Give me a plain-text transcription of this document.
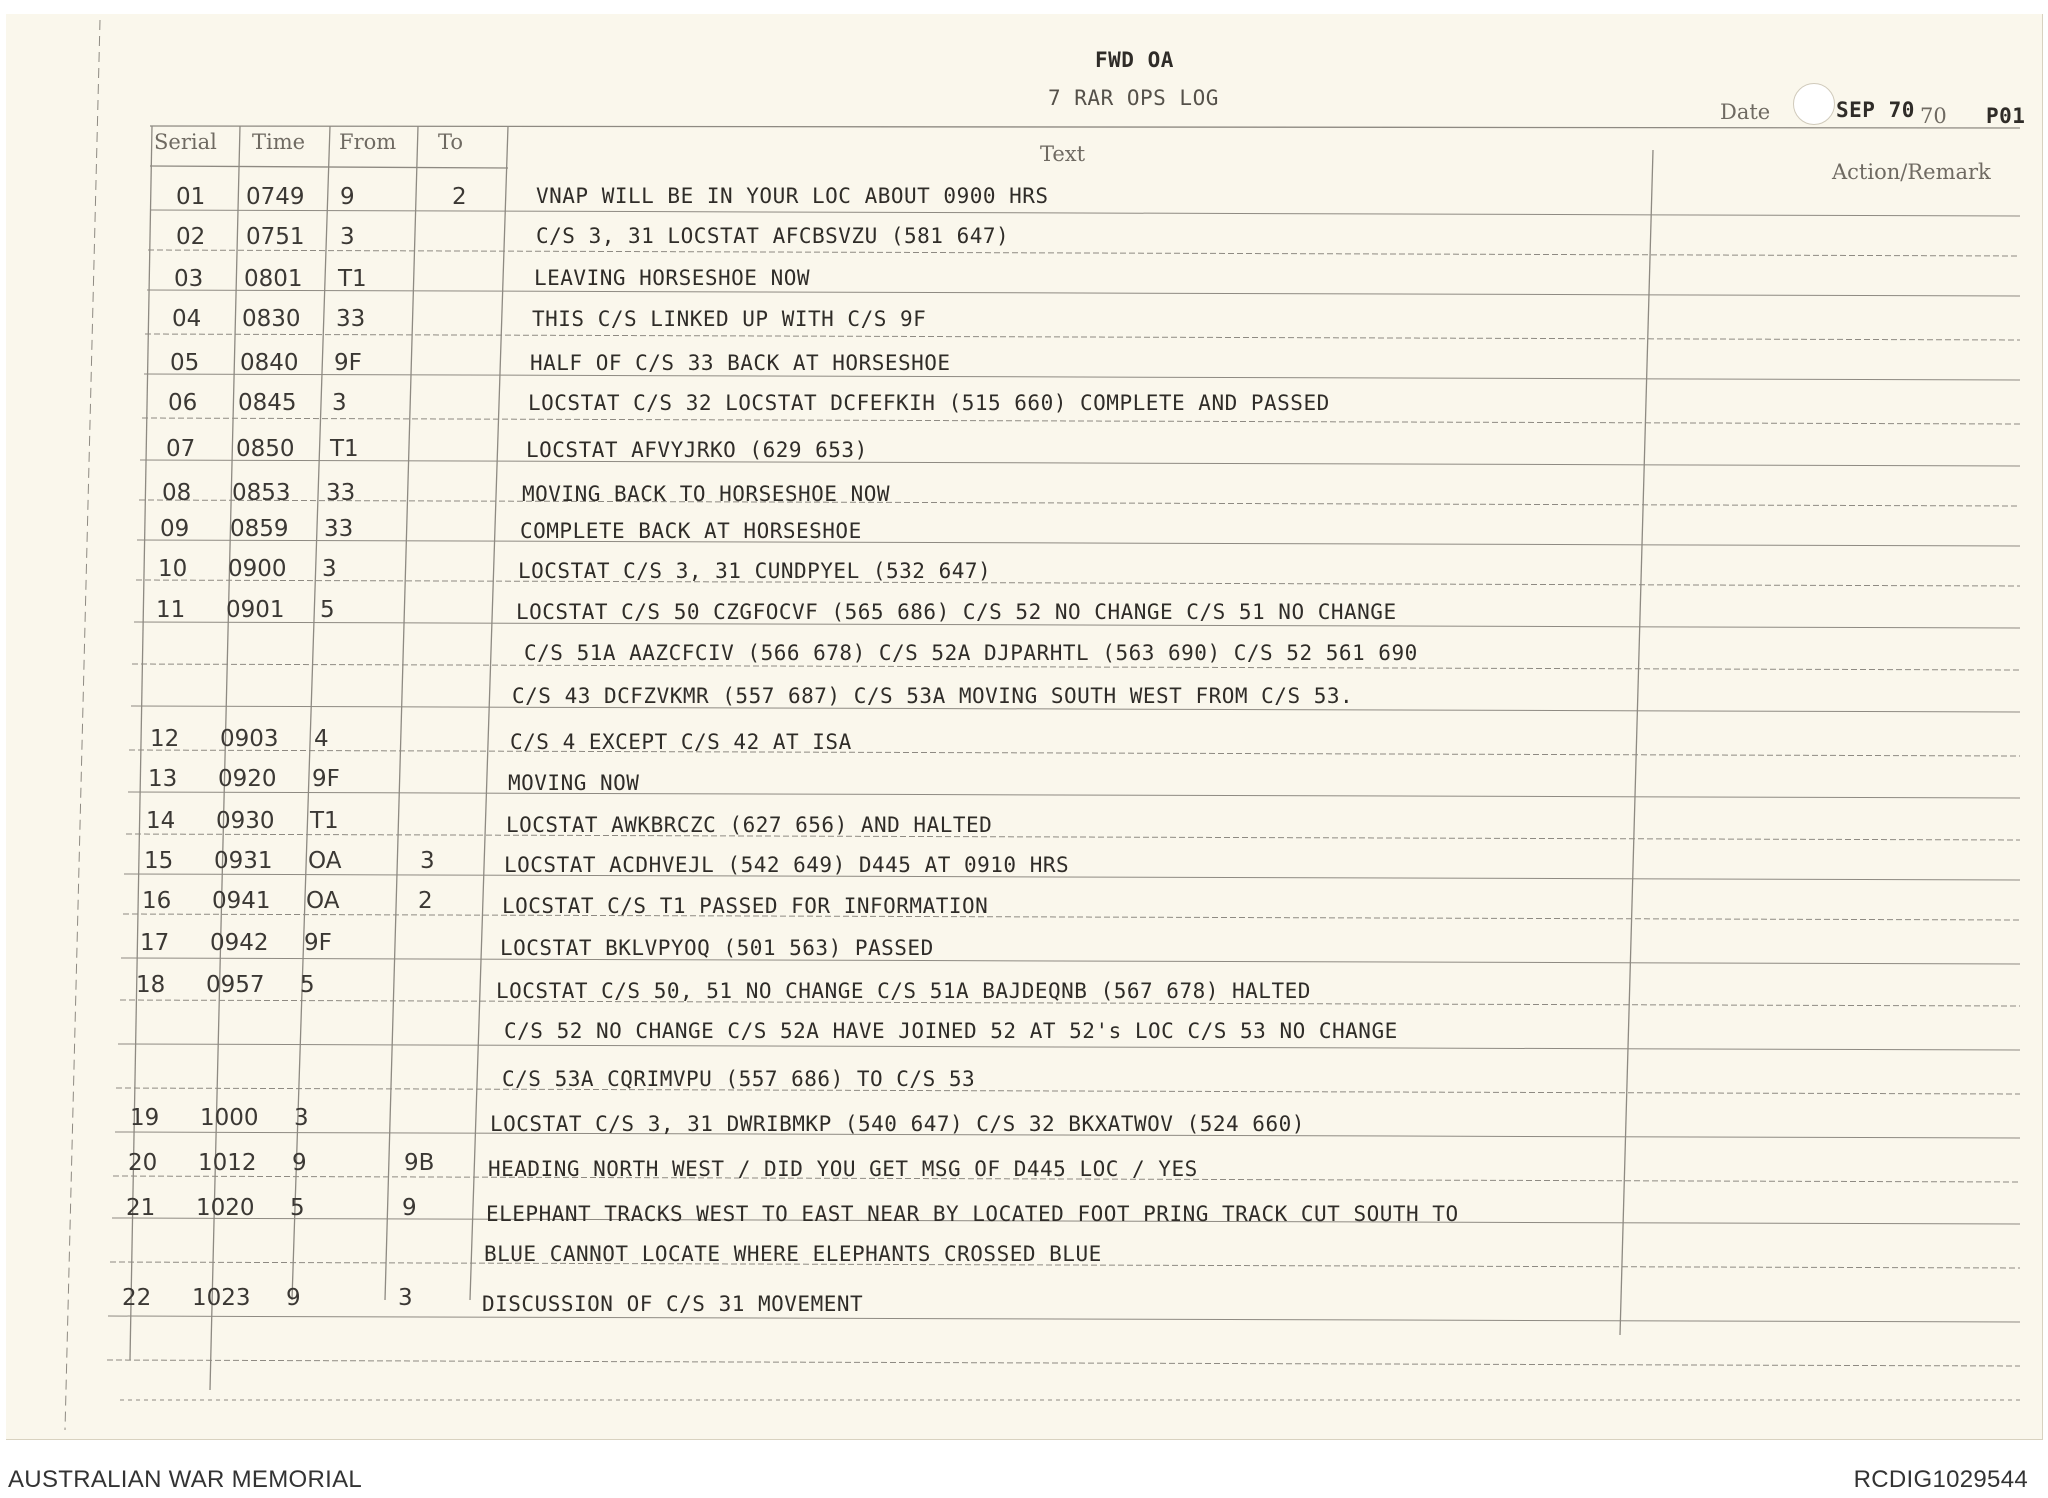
FWD OA
7 RAR OPS LOG
Date	SEP 70 70 P01
Serial Time From To	Text
Action/Remark
01 0749 9	2	VNAP WILL BE IN YOUR LOC ABOUT 0900 HRS
02 0751 3	C/S 3, 31 LOCSTAT AFCBSVZU (581 647)
03 0801 T1	LEAVING HORSESHOE NOW
04 0830 33	THIS C/S LINKED UP WITH C/S 9F
05 0840 9F	HALF OF C/S 33 BACK AT HORSESHOE
06 0845 3	LOCSTAT C/S 32 LOCSTAT DCFEFKIH (515 660) COMPLETE AND PASSED
07 0850 T1	LOCSTAT AFVYJRKO (629 653)
08 0853 33	MOVING BACK TO HORSESHOE NOW
09 0859 33	COMPLETE BACK AT HORSESHOE
10 0900 3	LOCSTAT C/S 3, 31 CUNDPYEL (532 647)
11 0901 5	LOCSTAT C/S 50 CZGFOCVF (565 686) C/S 52 NO CHANGE C/S 51 NO CHANGE
C/S 51A AAZCFCIV (566 678) C/S 52A DJPARHTL (563 690) C/S 52 561 690
C/S 43 DCFZVKMR (557 687) C/S 53A MOVING SOUTH WEST FROM C/S 53.
12 0903 4	C/S 4 EXCEPT C/S 42 AT ISA
13 0920 9F	MOVING NOW
14 0930 T1	LOCSTAT AWKBRCZC (627 656) AND HALTED
15 0931 OA	3	LOCSTAT ACDHVEJL (542 649) D445 AT 0910 HRS
16 0941 OA	2	LOCSTAT C/S T1 PASSED FOR INFORMATION
17 0942 9F	LOCSTAT BKLVPYOQ (501 563) PASSED
18 0957 5	LOCSTAT C/S 50, 51 NO CHANGE C/S 51A BAJDEQNB (567 678) HALTED
C/S 52 NO CHANGE C/S 52A HAVE JOINED 52 AT 52's LOC C/S 53 NO CHANGE
C/S 53A CQRIMVPU (557 686) TO C/S 53
19 1000 3	LOCSTAT C/S 3, 31 DWRIBMKP (540 647) C/S 32 BKXATWOV (524 660)
20 1012 9	9B	HEADING NORTH WEST / DID YOU GET MSG OF D445 LOC / YES
21 1020 5	9	ELEPHANT TRACKS WEST TO EAST NEAR BY LOCATED FOOT PRING TRACK CUT SOUTH TO
BLUE CANNOT LOCATE WHERE ELEPHANTS CROSSED BLUE
22 1023 9	3	DISCUSSION OF C/S 31 MOVEMENT
AUSTRALIAN WAR MEMORIAL	RCDIG1029544
